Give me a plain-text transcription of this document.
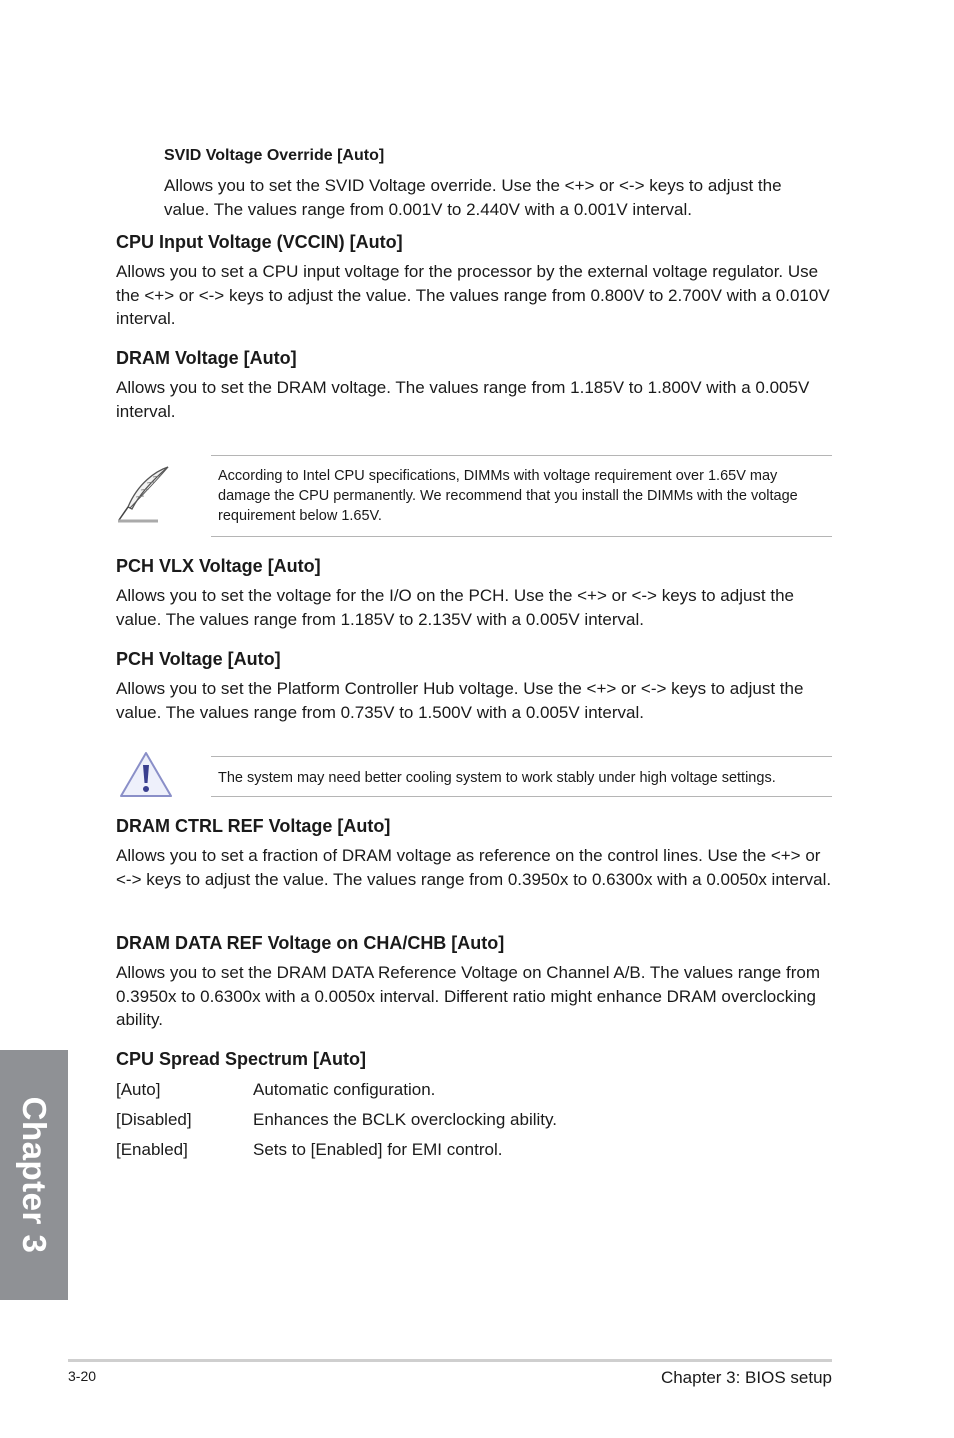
SVID Voltage Override [Auto]

Allows you to set the SVID Voltage override. Use the <+> or <-> keys to adjust the value. The values range from 0.001V to 2.440V with a 0.001V interval.

CPU Input Voltage (VCCIN) [Auto]

Allows you to set a CPU input voltage for the processor by the external voltage regulator. Use the <+> or <-> keys to adjust the value. The values range from 0.800V to 2.700V with a 0.010V interval.

DRAM Voltage [Auto]

Allows you to set the DRAM voltage. The values range from 1.185V to 1.800V with a 0.005V interval.

According to Intel CPU specifications, DIMMs with voltage requirement over 1.65V may damage the CPU permanently. We recommend that you install the DIMMs with the voltage requirement below 1.65V.
PCH VLX Voltage [Auto]

Allows you to set the voltage for the I/O on the PCH. Use the <+> or <-> keys to adjust the value. The values range from 1.185V to 2.135V with a 0.005V interval.

PCH Voltage [Auto]

Allows you to set the Platform Controller Hub voltage. Use the <+> or <-> keys to adjust the value. The values range from 0.735V to 1.500V with a 0.005V interval.

The system may need better cooling system to work stably under high voltage settings.
DRAM CTRL REF Voltage [Auto]

Allows you to set a fraction of DRAM voltage as reference on the control lines. Use the <+> or <-> keys to adjust the value. The values range from 0.3950x to 0.6300x with a 0.0050x interval.

DRAM DATA REF Voltage on CHA/CHB [Auto]

Allows you to set the DRAM DATA Reference Voltage on Channel A/B. The values range from 0.3950x to 0.6300x with a 0.0050x interval. Different ratio might enhance DRAM overclocking ability.

CPU Spread Spectrum [Auto]
[Auto]	Automatic configuration.
[Disabled]	Enhances the BCLK overclocking ability.
[Enabled]	Sets to [Enabled] for EMI control.
Chapter 3
3-20	Chapter 3: BIOS setup
